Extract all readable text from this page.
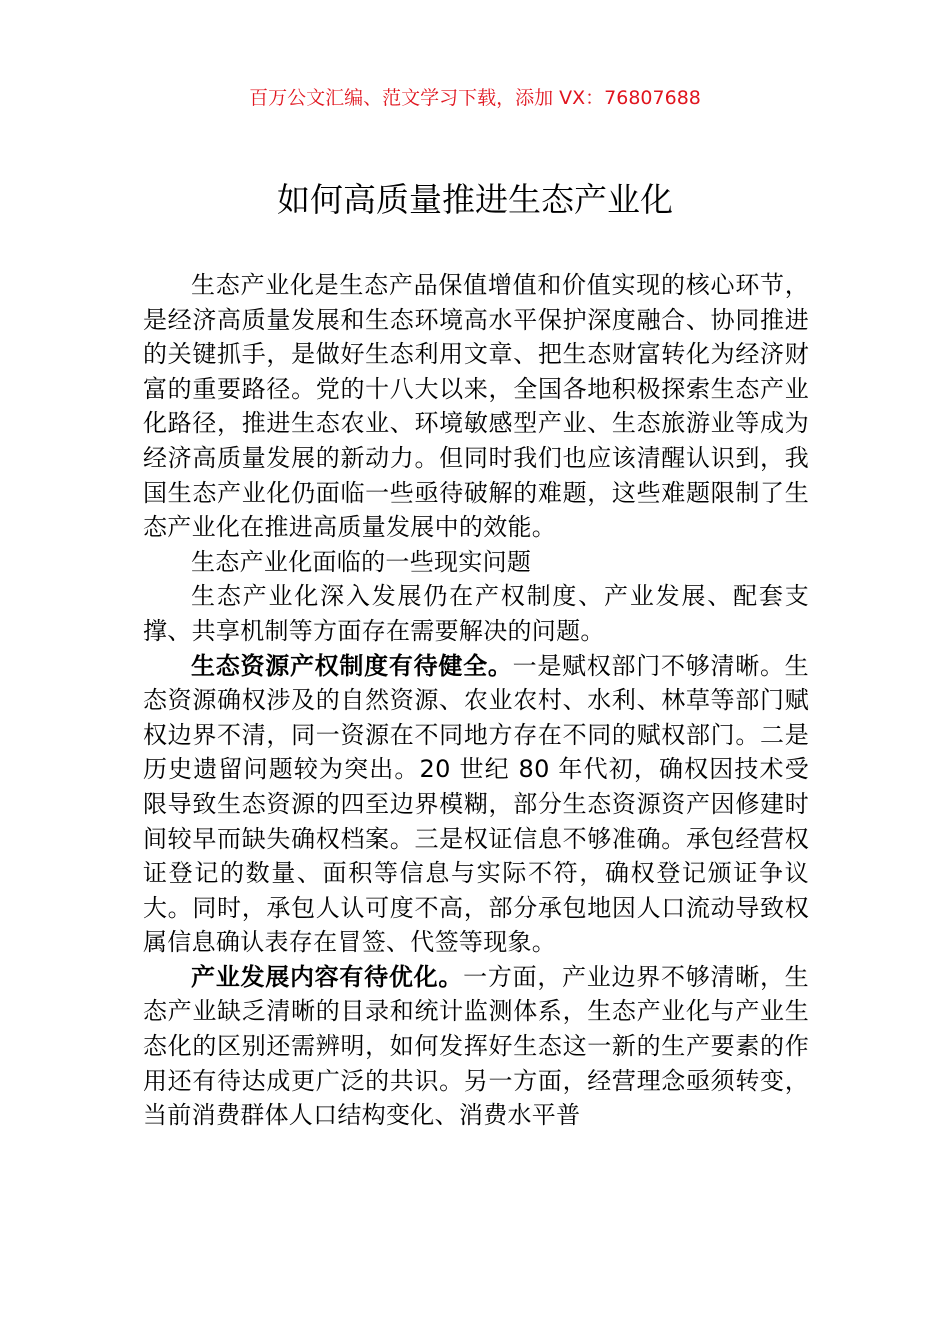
百万公文汇编、范文学习下载，添加 VX：76807688
如何高质量推进生态产业化

生态产业化是生态产品保值增值和价值实现的核心环节，是经济高质量发展和生态环境高水平保护深度融合、协同推进的关键抓手，是做好生态利用文章、把生态财富转化为经济财富的重要路径。党的十八大以来，全国各地积极探索生态产业化路径，推进生态农业、环境敏感型产业、生态旅游业等成为经济高质量发展的新动力。但同时我们也应该清醒认识到，我国生态产业化仍面临一些亟待破解的难题，这些难题限制了生态产业化在推进高质量发展中的效能。

生态产业化面临的一些现实问题

生态产业化深入发展仍在产权制度、产业发展、配套支撑、共享机制等方面存在需要解决的问题。

生态资源产权制度有待健全。一是赋权部门不够清晰。生态资源确权涉及的自然资源、农业农村、水利、林草等部门赋权边界不清，同一资源在不同地方存在不同的赋权部门。二是历史遗留问题较为突出。20 世纪 80 年代初，确权因技术受限导致生态资源的四至边界模糊，部分生态资源资产因修建时间较早而缺失确权档案。三是权证信息不够准确。承包经营权证登记的数量、面积等信息与实际不符，确权登记颁证争议大。同时，承包人认可度不高，部分承包地因人口流动导致权属信息确认表存在冒签、代签等现象。

产业发展内容有待优化。一方面，产业边界不够清晰，生态产业缺乏清晰的目录和统计监测体系，生态产业化与产业生态化的区别还需辨明，如何发挥好生态这一新的生产要素的作用还有待达成更广泛的共识。另一方面，经营理念亟须转变，当前消费群体人口结构变化、消费水平普
